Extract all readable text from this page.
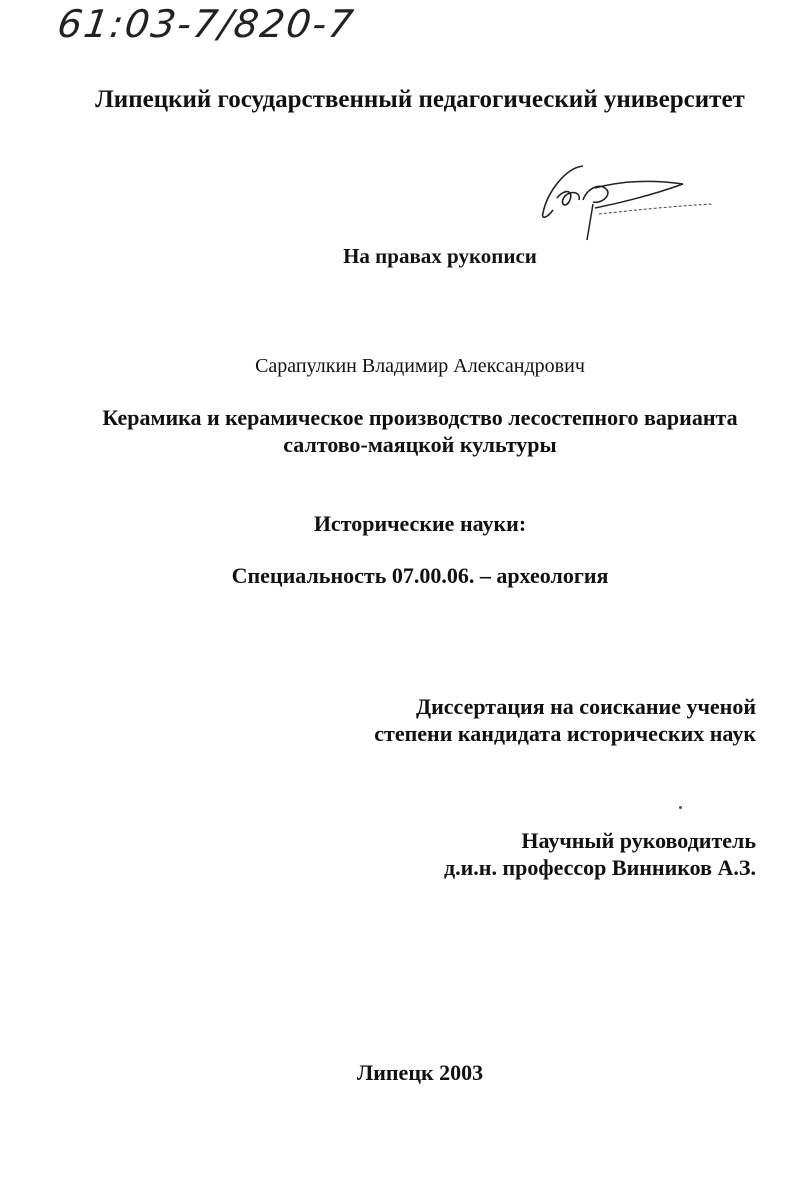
61:03-7/820-7
Липецкий государственный педагогический университет
На правах рукописи
Сарапулкин Владимир Александрович
Керамика и керамическое производство лесостепного варианта
салтово-маяцкой культуры
Исторические науки:
Специальность 07.00.06. – археология
Диссертация на соискание ученой
степени кандидата исторических наук
Научный руководитель
д.и.н. профессор Винников А.З.
Липецк 2003
